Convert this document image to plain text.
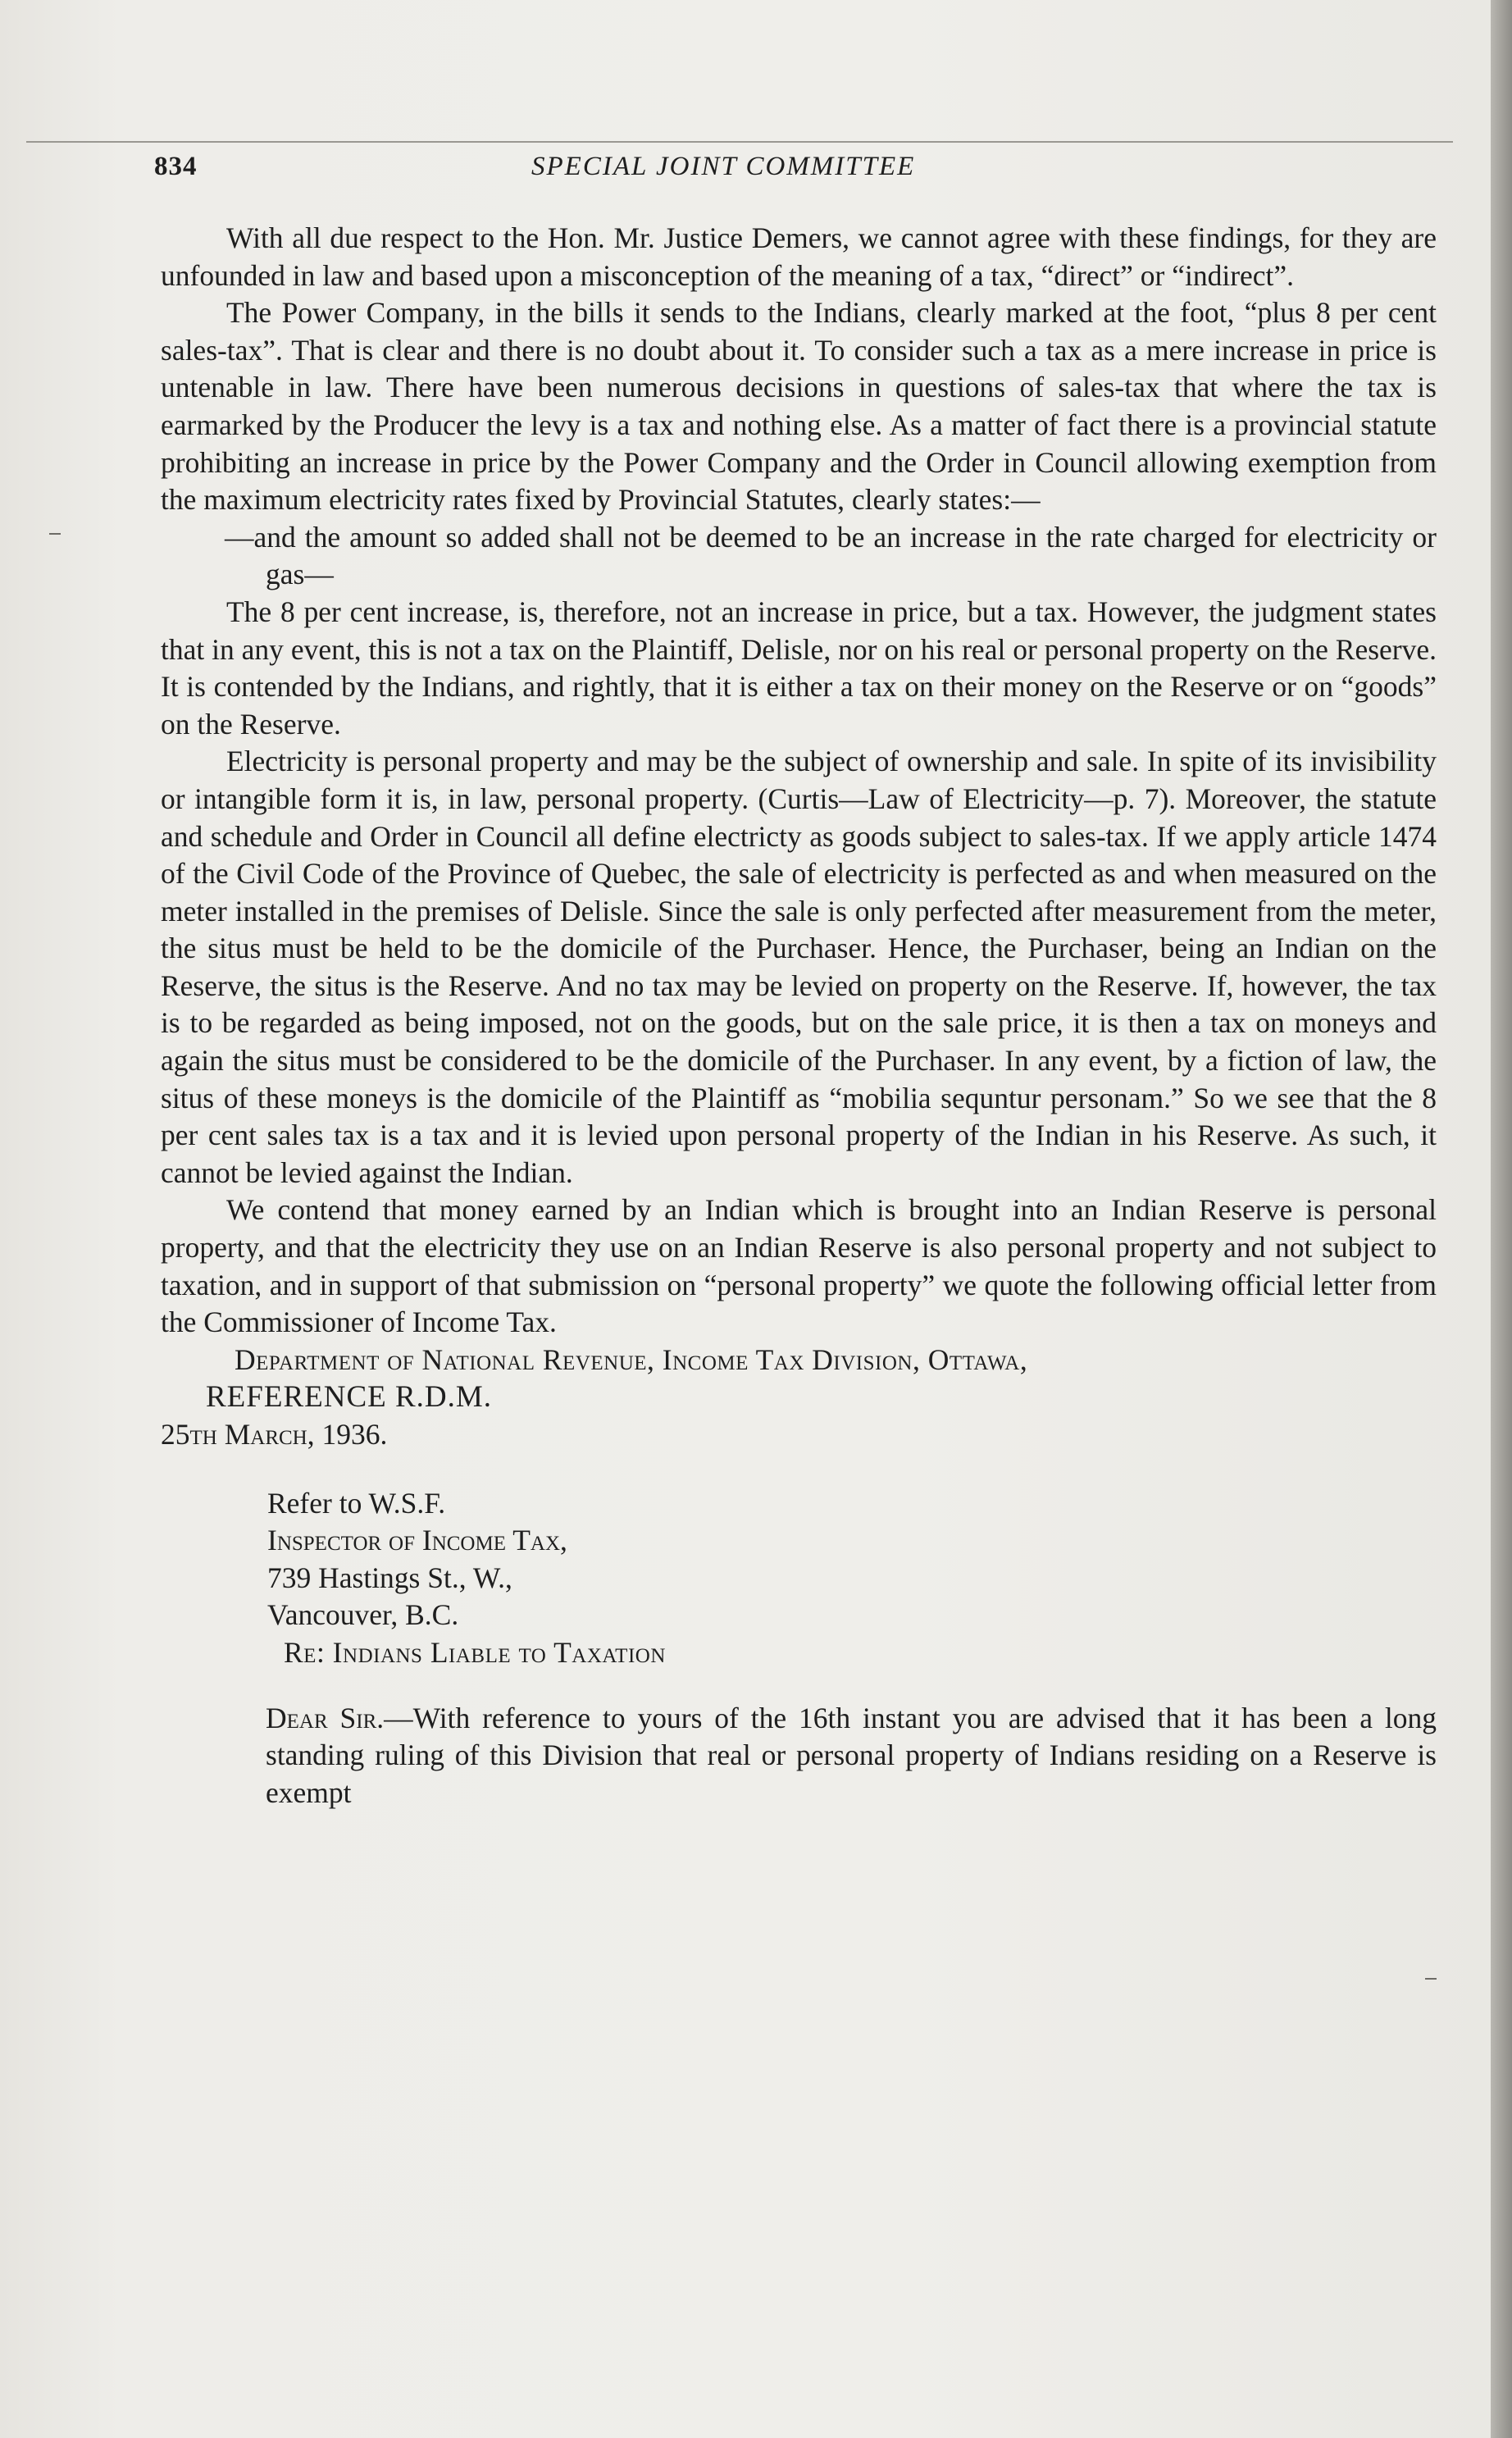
834	SPECIAL JOINT COMMITTEE

With all due respect to the Hon. Mr. Justice Demers, we cannot agree with these findings, for they are unfounded in law and based upon a misconception of the meaning of a tax, “direct” or “indirect”.

The Power Company, in the bills it sends to the Indians, clearly marked at the foot, “plus 8 per cent sales-tax”. That is clear and there is no doubt about it. To consider such a tax as a mere increase in price is untenable in law. There have been numerous decisions in questions of sales-tax that where the tax is earmarked by the Producer the levy is a tax and nothing else. As a matter of fact there is a provincial statute prohibiting an increase in price by the Power Company and the Order in Council allowing exemption from the maximum electricity rates fixed by Provincial Statutes, clearly states:—

—and the amount so added shall not be deemed to be an increase in the rate charged for electricity or gas—

The 8 per cent increase, is, therefore, not an increase in price, but a tax. However, the judgment states that in any event, this is not a tax on the Plaintiff, Delisle, nor on his real or personal property on the Reserve. It is contended by the Indians, and rightly, that it is either a tax on their money on the Reserve or on “goods” on the Reserve.

Electricity is personal property and may be the subject of ownership and sale. In spite of its invisibility or intangible form it is, in law, personal property. (Curtis—Law of Electricity—p. 7). Moreover, the statute and schedule and Order in Council all define electricty as goods subject to sales-tax. If we apply article 1474 of the Civil Code of the Province of Quebec, the sale of electricity is perfected as and when measured on the meter installed in the premises of Delisle. Since the sale is only perfected after measurement from the meter, the situs must be held to be the domicile of the Purchaser. Hence, the Purchaser, being an Indian on the Reserve, the situs is the Reserve. And no tax may be levied on property on the Reserve. If, however, the tax is to be regarded as being imposed, not on the goods, but on the sale price, it is then a tax on moneys and again the situs must be considered to be the domicile of the Purchaser. In any event, by a fiction of law, the situs of these moneys is the domicile of the Plaintiff as “mobilia sequntur personam.” So we see that the 8 per cent sales tax is a tax and it is levied upon personal property of the Indian in his Reserve. As such, it cannot be levied against the Indian.

We contend that money earned by an Indian which is brought into an Indian Reserve is personal property, and that the electricity they use on an Indian Reserve is also personal property and not subject to taxation, and in support of that submission on “personal property” we quote the following official letter from the Commissioner of Income Tax.

Department of National Revenue, Income Tax Division, Ottawa,

REFERENCE R.D.M.

25th March, 1936.

Refer to W.S.F.
Inspector of Income Tax,
739 Hastings St., W.,
Vancouver, B.C.

Re: Indians Liable to Taxation

Dear Sir.—With reference to yours of the 16th instant you are advised that it has been a long standing ruling of this Division that real or personal property of Indians residing on a Reserve is exempt
